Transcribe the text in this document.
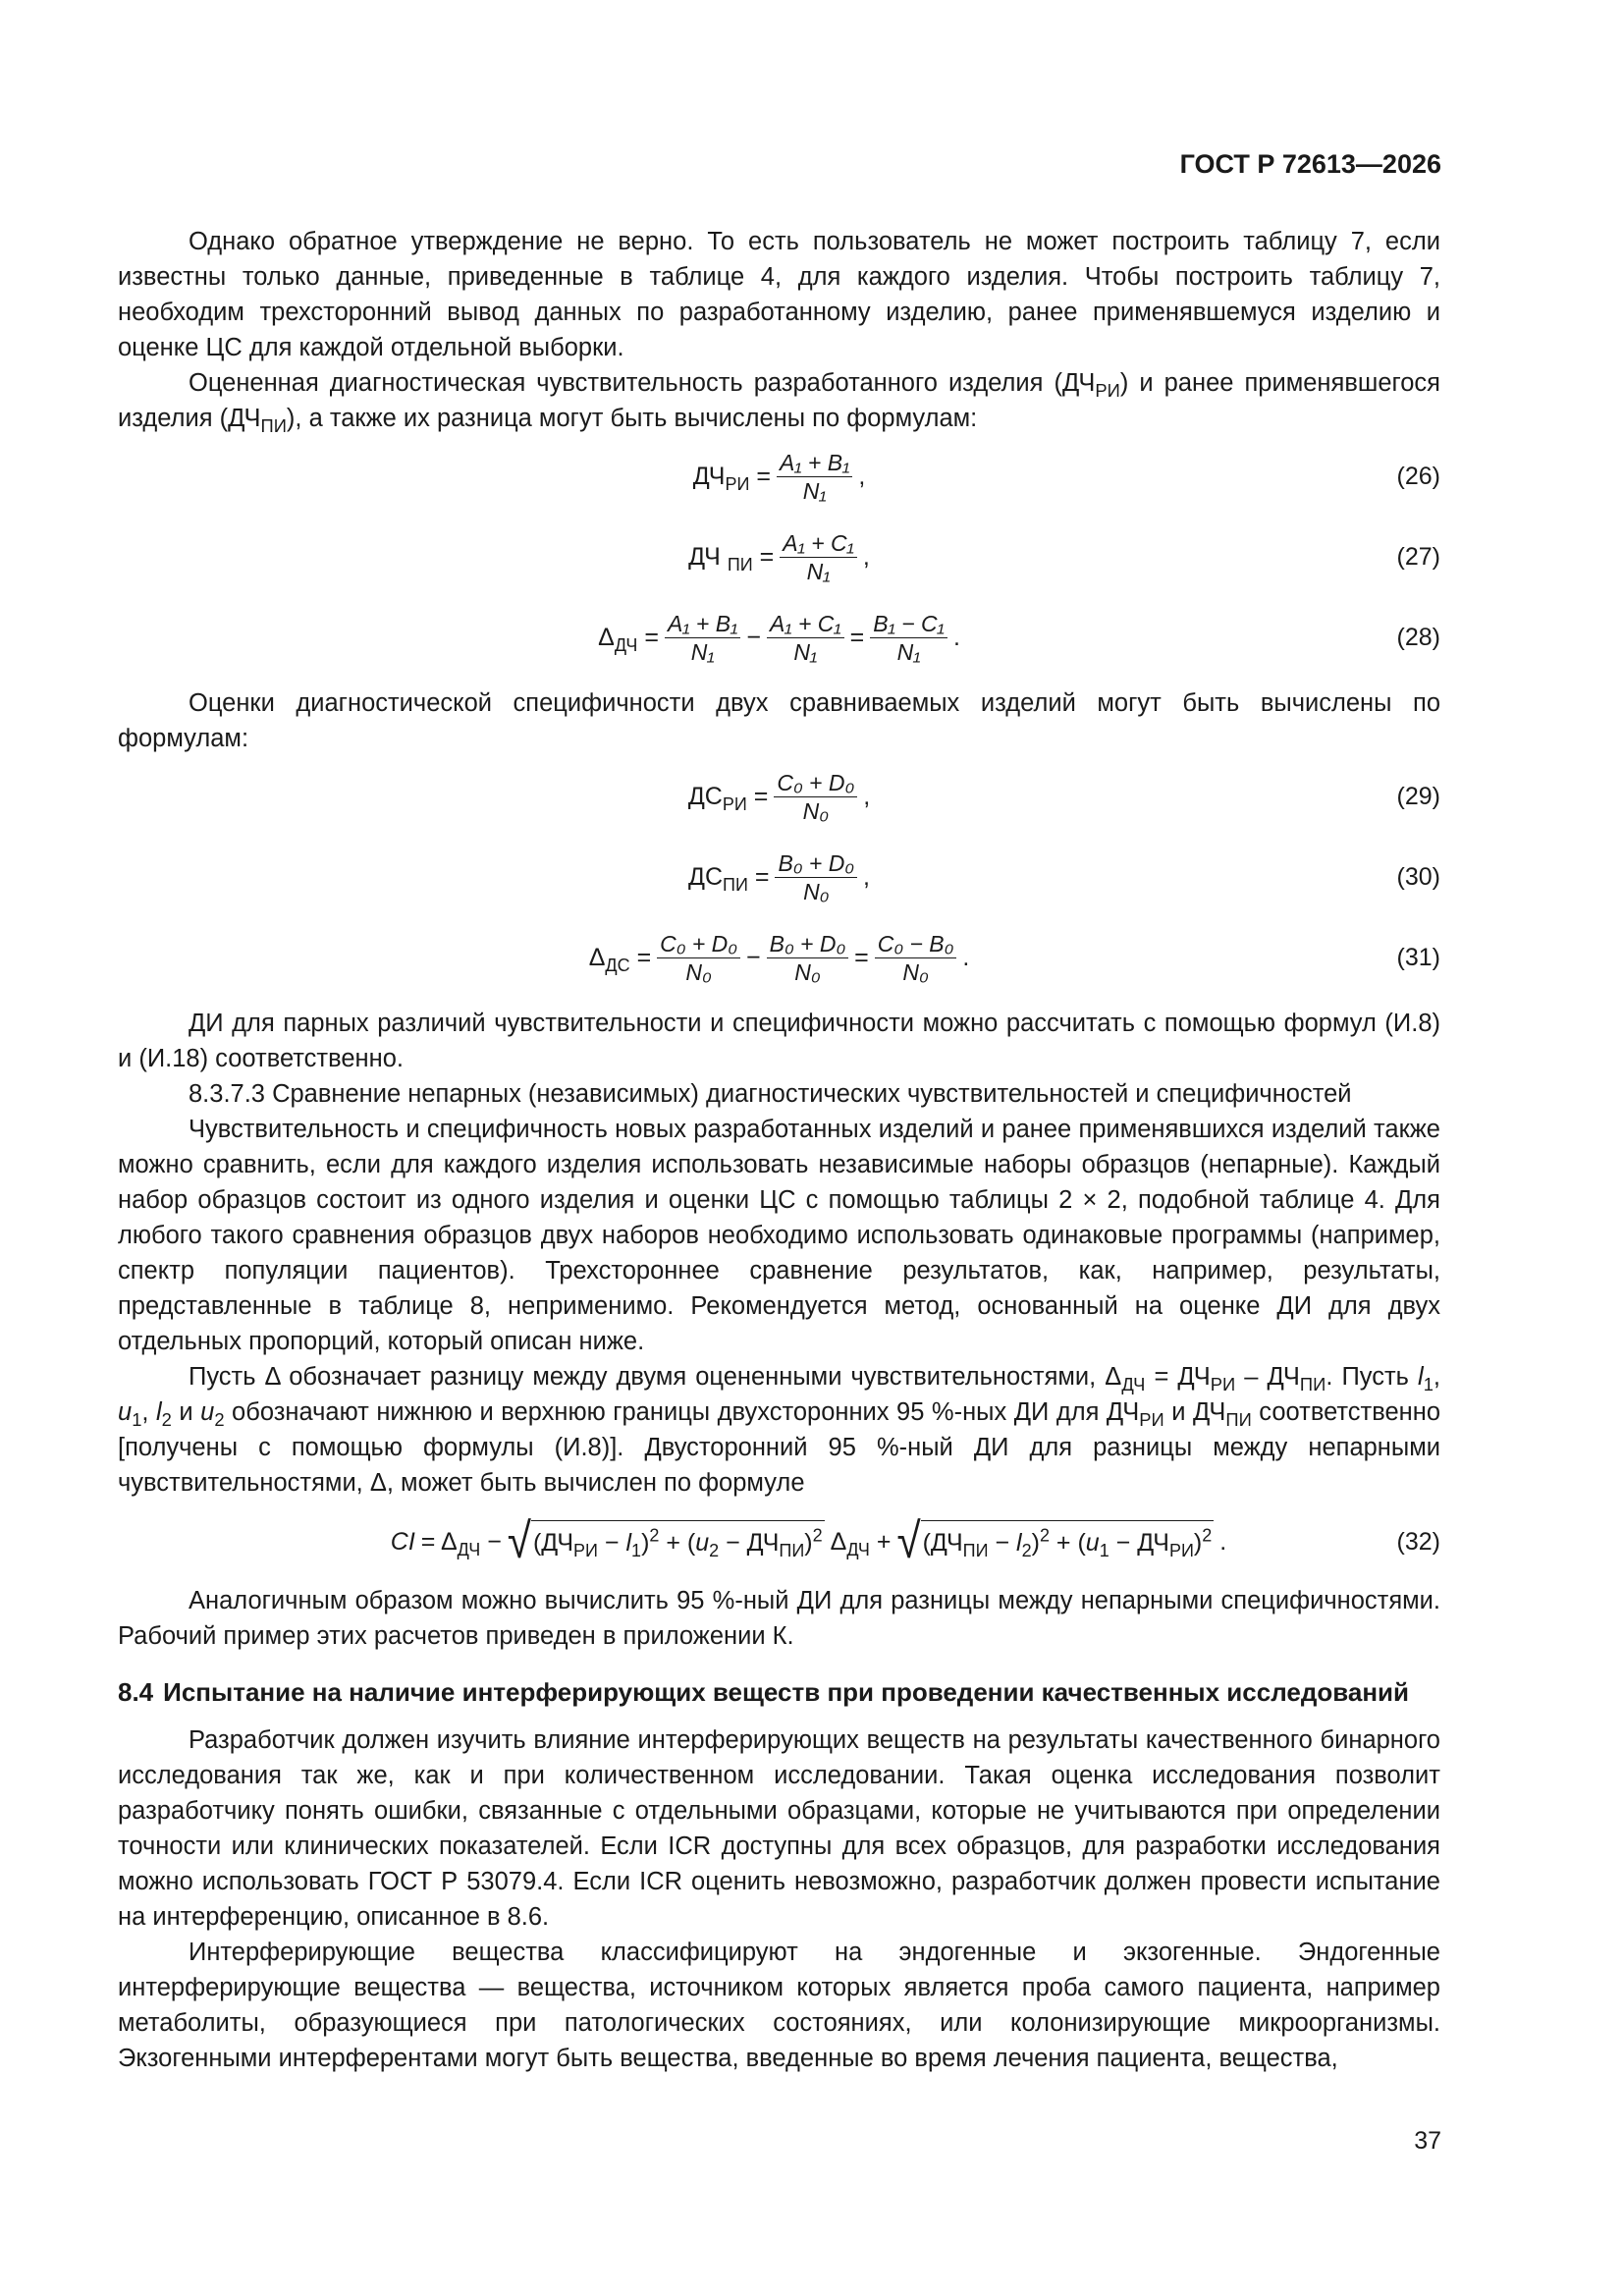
ГОСТ Р 72613—2026

Однако обратное утверждение не верно. То есть пользователь не может построить таблицу 7, если известны только данные, приведенные в таблице 4, для каждого изделия. Чтобы построить таблицу 7, необходим трехсторонний вывод данных по разработанному изделию, ранее применявшемуся изделию и оценке ЦС для каждой отдельной выборки.

Оцененная диагностическая чувствительность разработанного изделия $(ДЧ_{РИ})$ и ранее применявшегося изделия $(ДЧ_{ПИ})$, а также их разница могут быть вычислены по формулам:

$ДЧ_{РИ} = \frac{\text{A₁ + B₁}}{\text{N₁}}$ ,	(26)
ДЧ $_{ПИ} = \frac{\text{A₁ + C₁}}{\text{N₁}}$ ,	(27)
$\Delta_{ДЧ} = \frac{\text{A₁ + B₁}}{\text{N₁}} - \frac{\text{A₁ + C₁}}{\text{N₁}} = \frac{\text{B₁ − C₁}}{\text{N₁}}$ .	(28)

Оценки диагностической специфичности двух сравниваемых изделий могут быть вычислены по формулам:

$ДС_{РИ} = \frac{\text{C₀ + D₀}}{\text{N₀}}$ ,	(29)
$ДС_{ПИ} = \frac{\text{B₀ + D₀}}{\text{N₀}}$ ,	(30)
$\Delta_{ДС} = \frac{\text{C₀ + D₀}}{\text{N₀}} - \frac{\text{B₀ + D₀}}{\text{N₀}} = \frac{\text{C₀ − B₀}}{\text{N₀}}$ .	(31)

ДИ для парных различий чувствительности и специфичности можно рассчитать с помощью формул (И.8) и (И.18) соответственно.

8.3.7.3 Сравнение непарных (независимых) диагностических чувствительностей и специфичностей

Чувствительность и специфичность новых разработанных изделий и ранее применявшихся изделий также можно сравнить, если для каждого изделия использовать независимые наборы образцов (непарные). Каждый набор образцов состоит из одного изделия и оценки ЦС с помощью таблицы 2 × 2, подобной таблице 4. Для любого такого сравнения образцов двух наборов необходимо использовать одинаковые программы (например, спектр популяции пациентов). Трехстороннее сравнение результатов, как, например, результаты, представленные в таблице 8, неприменимо. Рекомендуется метод, основанный на оценке ДИ для двух отдельных пропорций, который описан ниже.

Пусть Δ обозначает разницу между двумя оцененными чувствительностями, $\Delta_{ДЧ} = ДЧ_{РИ} - ДЧ_{ПИ}$. Пусть $l_1$, $u_1$, $l_2$ и $u_2$ обозначают нижнюю и верхнюю границы двухсторонних 95 %-ных ДИ для $ДЧ_{РИ}$ и $ДЧ_{ПИ}$ соответственно [получены с помощью формулы (И.8)]. Двусторонний 95 %-ный ДИ для разницы между непарными чувствительностями, Δ, может быть вычислен по формуле

CI = $\Delta_{ДЧ}$ − √ $(ДЧ_{РИ} - l_1)^2 + (u_2 - ДЧ_{ПИ})^2$ $\Delta_{ДЧ}$ + √ $(ДЧ_{ПИ} - l_2)^2 + (u_1 - ДЧ_{РИ})^2$ .	(32)

Аналогичным образом можно вычислить 95 %-ный ДИ для разницы между непарными специфичностями. Рабочий пример этих расчетов приведен в приложении К.

8.4 Испытание на наличие интерферирующих веществ при проведении качественных исследований

Разработчик должен изучить влияние интерферирующих веществ на результаты качественного бинарного исследования так же, как и при количественном исследовании. Такая оценка исследования позволит разработчику понять ошибки, связанные с отдельными образцами, которые не учитываются при определении точности или клинических показателей. Если ICR доступны для всех образцов, для разработки исследования можно использовать ГОСТ Р 53079.4. Если ICR оценить невозможно, разработчик должен провести испытание на интерференцию, описанное в 8.6.

Интерферирующие вещества классифицируют на эндогенные и экзогенные. Эндогенные интерферирующие вещества — вещества, источником которых является проба самого пациента, например метаболиты, образующиеся при патологических состояниях, или колонизирующие микроорганизмы. Экзогенными интерферентами могут быть вещества, введенные во время лечения пациента, вещества,

37
